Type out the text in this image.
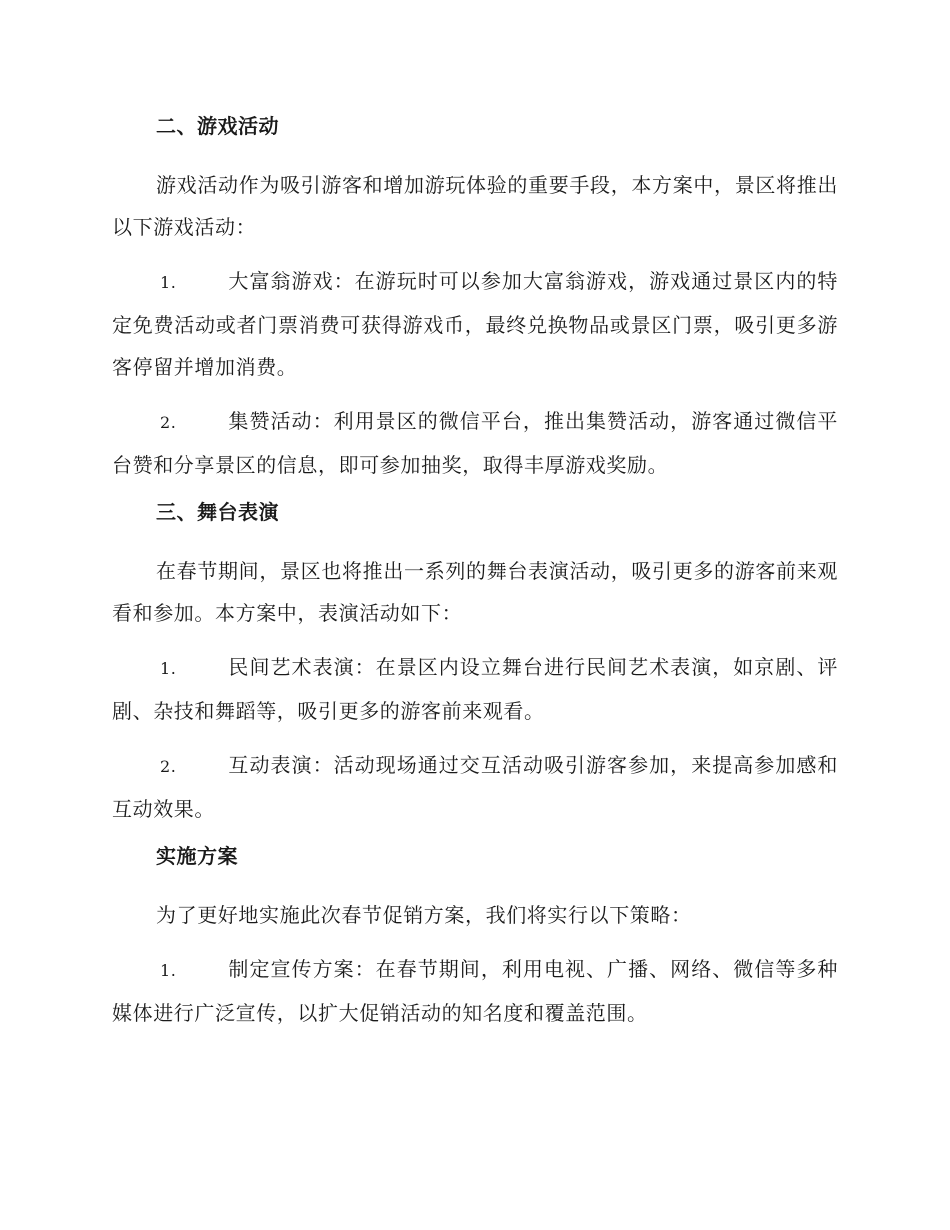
二、游戏活动

游戏活动作为吸引游客和增加游玩体验的重要手段，本方案中，景区将推出以下游戏活动：

1.	大富翁游戏：在游玩时可以参加大富翁游戏，游戏通过景区内的特定免费活动或者门票消费可获得游戏币，最终兑换物品或景区门票，吸引更多游客停留并增加消费。

2.	集赞活动：利用景区的微信平台，推出集赞活动，游客通过微信平台赞和分享景区的信息，即可参加抽奖，取得丰厚游戏奖励。

三、舞台表演

在春节期间，景区也将推出一系列的舞台表演活动，吸引更多的游客前来观看和参加。本方案中，表演活动如下：

1.	民间艺术表演：在景区内设立舞台进行民间艺术表演，如京剧、评剧、杂技和舞蹈等，吸引更多的游客前来观看。

2.	互动表演：活动现场通过交互活动吸引游客参加，来提高参加感和互动效果。

实施方案

为了更好地实施此次春节促销方案，我们将实行以下策略：

1.	制定宣传方案：在春节期间，利用电视、广播、网络、微信等多种媒体进行广泛宣传，以扩大促销活动的知名度和覆盖范围。
